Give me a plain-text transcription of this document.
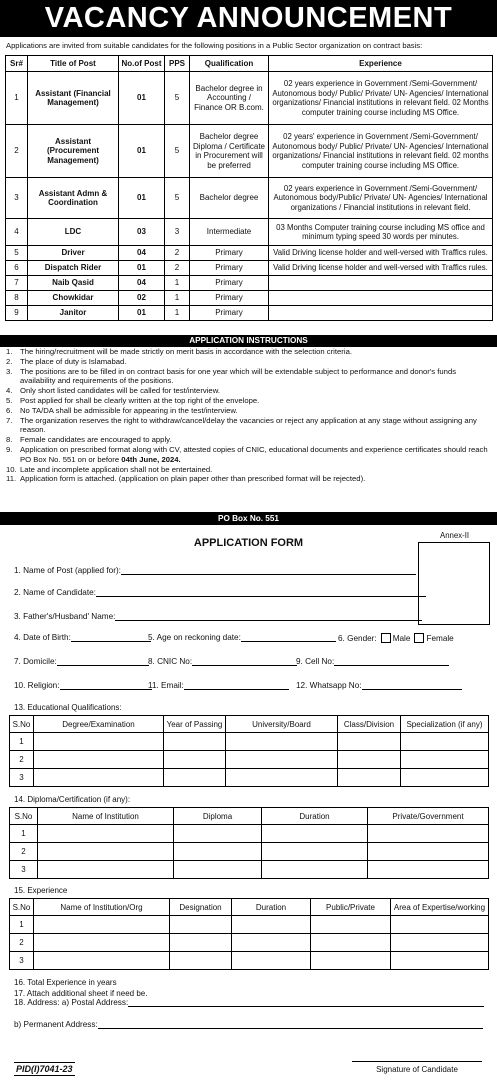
VACANCY ANNOUNCEMENT
Applications are invited from suitable candidates for the following positions in a Public Sector organization on contract basis:
Sr#	Title of Post	No.of Post	PPS	Qualification	Experience
1	Assistant (Financial Management)	01	5	Bachelor degree in Accounting / Finance OR B.com.	02 years experience in Government /Semi-Government/ Autonomous body/ Public/ Private/ UN- Agencies/ International organizations/ Financial institutions in relevant field. 02 Months computer training course including MS Office.
2	Assistant (Procurement Management)	01	5	Bachelor degree Diploma / Certificate in Procurement will be preferred	02 years' experience in Government /Semi-Government/ Autonomous body/ Public/ Private/ UN- Agencies/ International organizations/ Financial institutions in relevant field. 02 months computer training course including MS Office.
3	Assistant Admn & Coordination	01	5	Bachelor degree	02 years experience in Government /Semi-Government/ Autonomous body/Public/ Private/ UN- Agencies/ International organizations / Financial institutions in relevant field.
4	LDC	03	3	Intermediate	03 Months Computer training course including MS office and minimum typing speed 30 words per minutes.
5	Driver	04	2	Primary	Valid Driving license holder and well-versed with Traffics rules.
6	Dispatch Rider	01	2	Primary	Valid Driving license holder and well-versed with Traffics rules.
7	Naib Qasid	04	1	Primary	
8	Chowkidar	02	1	Primary	
9	Janitor	01	1	Primary	
APPLICATION INSTRUCTIONS
1. The hiring/recruitment will be made strictly on merit basis in accordance with the selection criteria.
2. The place of duty is Islamabad.
3. The positions are to be filled in on contract basis for one year which will be extendable subject to performance and donor's funds availability and requirements of the positions.
4. Only short listed candidates will be called for test/interview.
5. Post applied for shall be clearly written at the top right of the envelope.
6. No TA/DA shall be admissible for appearing in the test/interview.
7. The organization reserves the right to withdraw/cancel/delay the vacancies or reject any application at any stage without assigning any reason.
8. Female candidates are encouraged to apply.
9. Application on prescribed format along with CV, attested copies of CNIC, educational documents and experience certificates should reach PO Box No. 551 on or before 04th June, 2024.
10. Late and incomplete application shall not be entertained.
11. Application form is attached. (application on plain paper other than prescribed format will be rejected).
PO Box No. 551
Annex-II
APPLICATION FORM
1. Name of Post (applied for):
2. Name of Candidate:
3. Father's/Husband' Name:
4. Date of Birth:	5. Age on reckoning date:	6. Gender: Male Female
7. Domicile:	8. CNIC No:	9. Cell No:
10. Religion:	11. Email:	12. Whatsapp No:
13. Educational Qualifications:
S.No	Degree/Examination	Year of Passing	University/Board	Class/Division	Specialization (if any)
1					
2					
3					
14. Diploma/Certification (if any):
S.No	Name of Institution	Diploma	Duration	Private/Government
1				
2				
3				
15. Experience
S.No	Name of Institution/Org	Designation	Duration	Public/Private	Area of Expertise/working
1					
2					
3					
16. Total Experience in years
17. Attach additional sheet if need be.
18. Address: a) Postal Address:
b) Permanent Address:
PID(I)7041-23	Signature of Candidate
